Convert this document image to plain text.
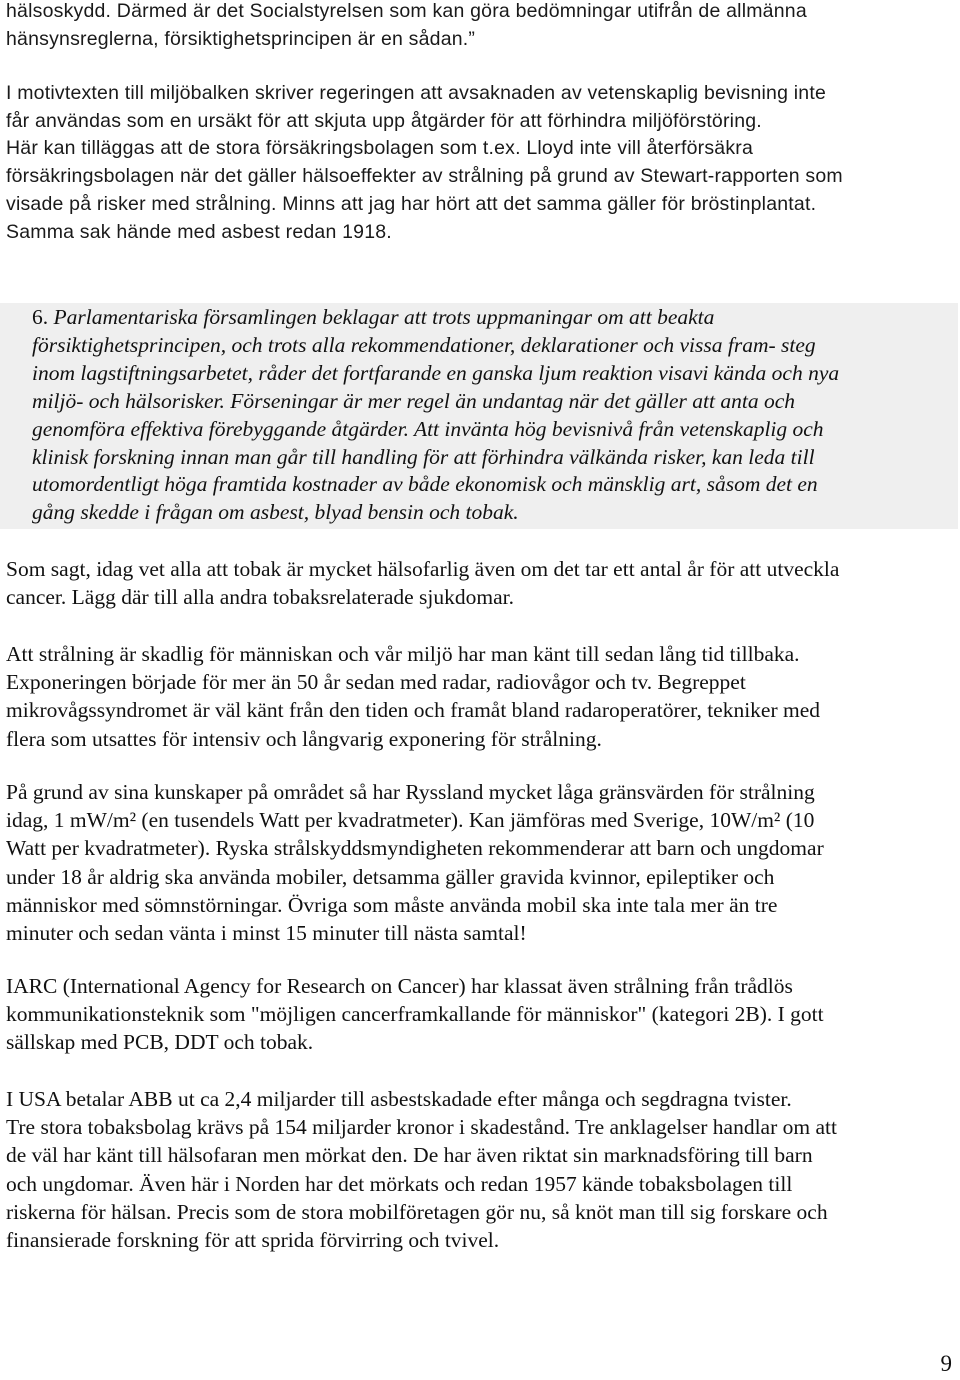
hälsoskydd. Därmed är det Socialstyrelsen som kan göra bedömningar utifrån de allmänna
hänsynsreglerna, försiktighetsprincipen är en sådan.”

I motivtexten till miljöbalken skriver regeringen att avsaknaden av vetenskaplig bevisning inte
får användas som en ursäkt för att skjuta upp åtgärder för att förhindra miljöförstöring.
Här kan tilläggas att de stora försäkringsbolagen som t.ex. Lloyd inte vill återförsäkra
försäkringsbolagen när det gäller hälsoeffekter av strålning på grund av Stewart-rapporten som
visade på risker med strålning. Minns att jag har hört att det samma gäller för bröstinplantat.
Samma sak hände med asbest redan 1918.

6. Parlamentariska församlingen beklagar att trots uppmaningar om att beakta
försiktighetsprincipen, och trots alla rekommendationer, deklarationer och vissa fram- steg
inom lagstiftningsarbetet, råder det fortfarande en ganska ljum reaktion visavi kända och nya
miljö- och hälsorisker. Förseningar är mer regel än undantag när det gäller att anta och
genomföra effektiva förebyggande åtgärder. Att invänta hög bevisnivå från vetenskaplig och
klinisk forskning innan man går till handling för att förhindra välkända risker, kan leda till
utomordentligt höga framtida kostnader av både ekonomisk och mänsklig art, såsom det en
gång skedde i frågan om asbest, blyad bensin och tobak.

Som sagt, idag vet alla att tobak är mycket hälsofarlig även om det tar ett antal år för att utveckla
cancer. Lägg där till alla andra tobaksrelaterade sjukdomar.

Att strålning är skadlig för människan och vår miljö har man känt till sedan lång tid tillbaka.
Exponeringen började för mer än 50 år sedan med radar, radiovågor och tv. Begreppet
mikrovågssyndromet är väl känt från den tiden och framåt bland radaroperatörer, tekniker med
flera som utsattes för intensiv och långvarig exponering för strålning.

På grund av sina kunskaper på området så har Ryssland mycket låga gränsvärden för strålning
idag, 1 mW/m² (en tusendels Watt per kvadratmeter). Kan jämföras med Sverige, 10W/m² (10
Watt per kvadratmeter). Ryska strålskyddsmyndigheten rekommenderar att barn och ungdomar
under 18 år aldrig ska använda mobiler, detsamma gäller gravida kvinnor, epileptiker och
människor med sömnstörningar. Övriga som måste använda mobil ska inte tala mer än tre
minuter och sedan vänta i minst 15 minuter till nästa samtal!

IARC (International Agency for Research on Cancer) har klassat även strålning från trådlös
kommunikationsteknik som "möjligen cancerframkallande för människor" (kategori 2B). I gott
sällskap med PCB, DDT och tobak.

I USA betalar ABB ut ca 2,4 miljarder till asbestskadade efter många och segdragna tvister.
Tre stora tobaksbolag krävs på 154 miljarder kronor i skadestånd. Tre anklagelser handlar om att
de väl har känt till hälsofaran men mörkat den. De har även riktat sin marknadsföring till barn
och ungdomar. Även här i Norden har det mörkats och redan 1957 kände tobaksbolagen till
riskerna för hälsan. Precis som de stora mobilföretagen gör nu, så knöt man till sig forskare och
finansierade forskning för att sprida förvirring och tvivel.

9
